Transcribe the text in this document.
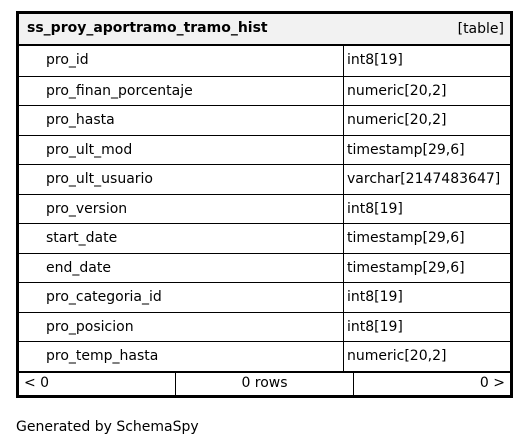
ss_proy_aportramo_tramo_hist	[table]
pro_id	int8[19]
pro_finan_porcentaje	numeric[20,2]
pro_hasta	numeric[20,2]
pro_ult_mod	timestamp[29,6]
pro_ult_usuario	varchar[2147483647]
pro_version	int8[19]
start_date	timestamp[29,6]
end_date	timestamp[29,6]
pro_categoria_id	int8[19]
pro_posicion	int8[19]
pro_temp_hasta	numeric[20,2]
< 0	0 rows	0 >
Generated by SchemaSpy
